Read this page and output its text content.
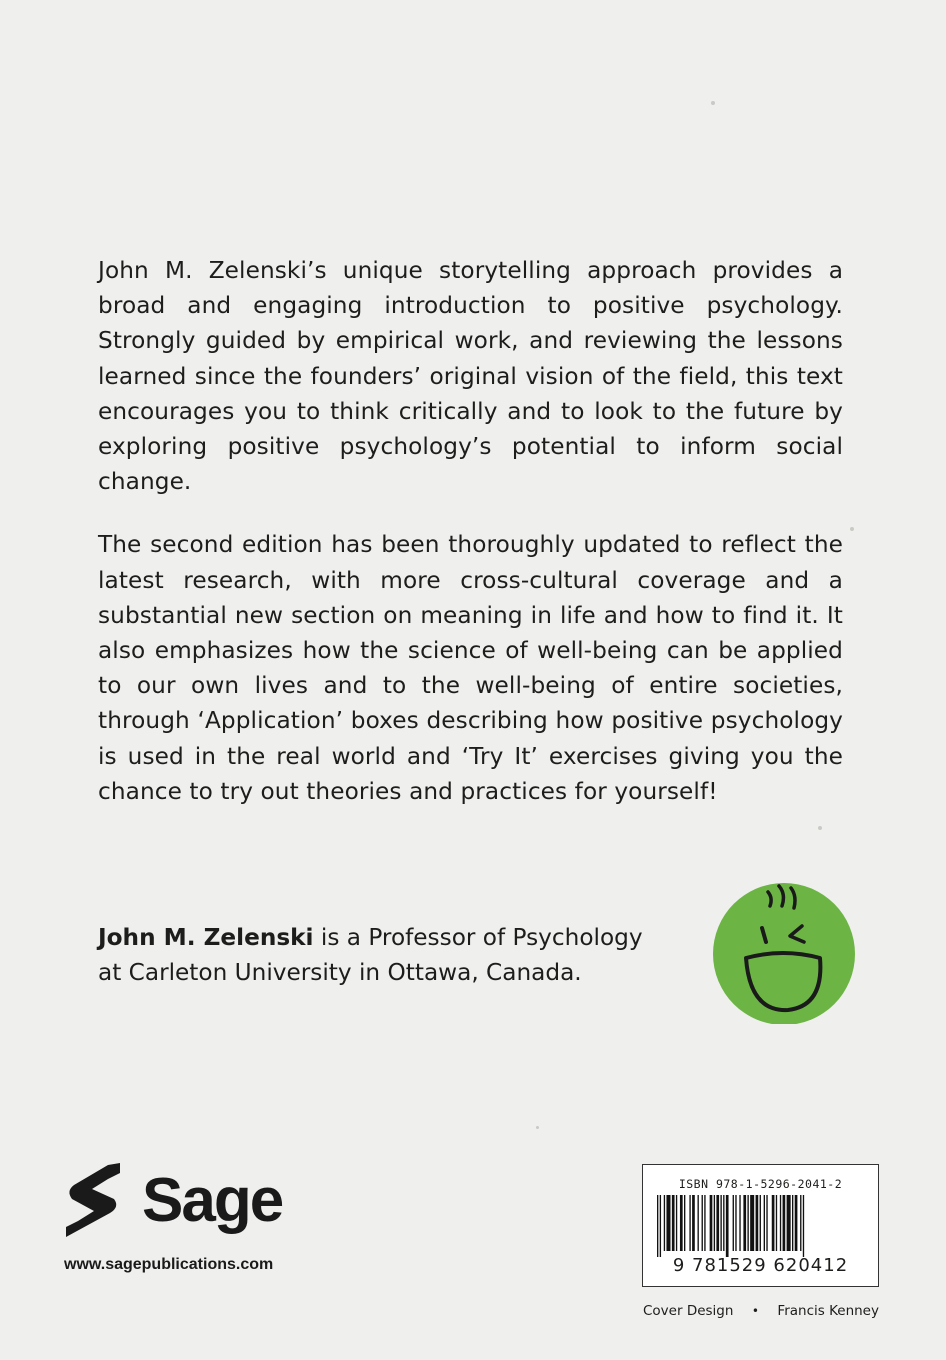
John M. Zelenski’s unique storytelling approach provides a broad and engaging introduction to positive psychology. Strongly guided by empirical work, and reviewing the lessons learned since the founders’ original vision of the field, this text encourages you to think critically and to look to the future by exploring positive psychology’s potential to inform social change.

The second edition has been thoroughly updated to reflect the latest research, with more cross-cultural coverage and a substantial new section on meaning in life and how to find it. It also emphasizes how the science of well-being can be applied to our own lives and to the well-being of entire societies, through ‘Application’ boxes describing how positive psychology is used in the real world and ‘Try It’ exercises giving you the chance to try out theories and practices for yourself!

John M. Zelenski is a Professor of Psychology
at Carleton University in Ottawa, Canada.
Sage
www.sagepublications.com
ISBN 978-1-5296-2041-2
9 781529 620412
Cover Design • Francis Kenney
